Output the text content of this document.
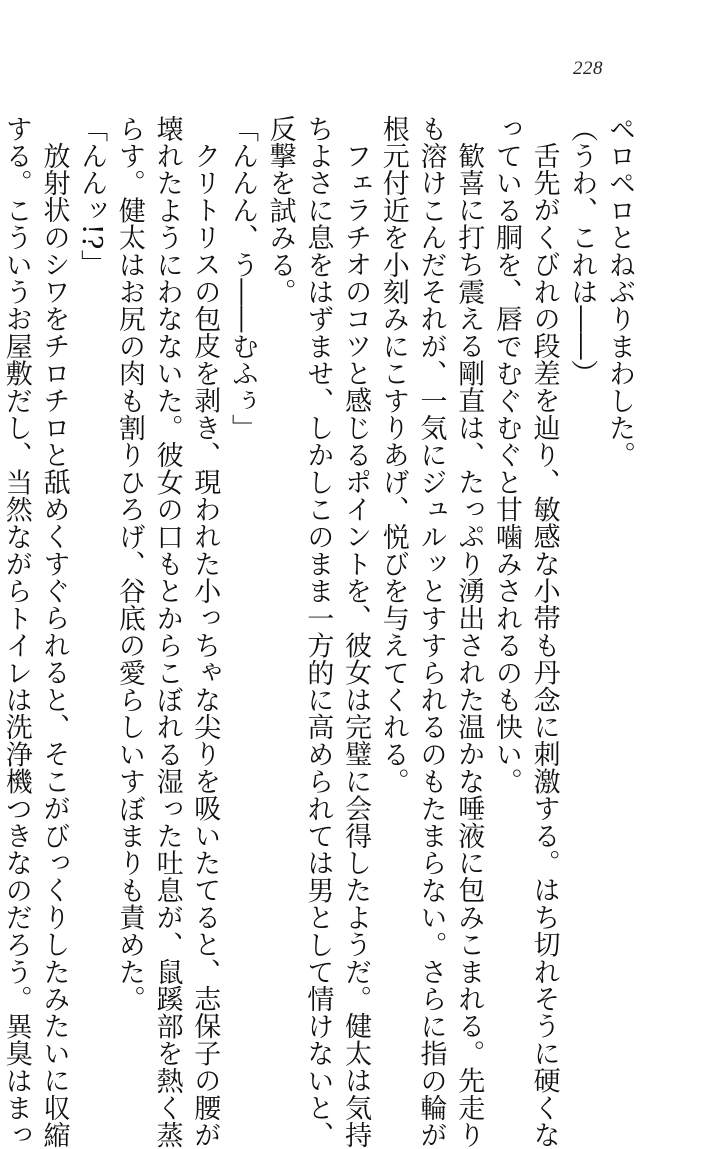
228
ペロペロとねぶりまわした。
（うわ、これは――）
舌先がくびれの段差を辿り、敏感な小帯も丹念に刺激する。はち切れそうに硬くな
っている胴を、唇でむぐむぐと甘噛みされるのも快い。
歓喜に打ち震える剛直は、たっぷり湧出された温かな唾液に包みこまれる。先走り
も溶けこんだそれが、一気にジュルッとすすられるのもたまらない。さらに指の輪が
根元付近を小刻みにこすりあげ、悦びを与えてくれる。
フェラチオのコツと感じるポイントを、彼女は完璧に会得したようだ。健太は気持
ちよさに息をはずませ、しかしこのまま一方的に高められては男として情けないと、
反撃を試みる。
「んんん、う――むふぅ」
クリトリスの包皮を剥き、現われた小っちゃな尖りを吸いたてると、志保子の腰が
壊れたようにわなないた。彼女の口もとからこぼれる湿った吐息が、鼠蹊部を熱く蒸
らす。健太はお尻の肉も割りひろげ、谷底の愛らしいすぼまりも責めた。
「んんッ!?」
放射状のシワをチロチロと舐めくすぐられると、そこがびっくりしたみたいに収縮
する。こういうお屋敷だし、当然ながらトイレは洗浄機つきなのだろう。異臭はまっ
